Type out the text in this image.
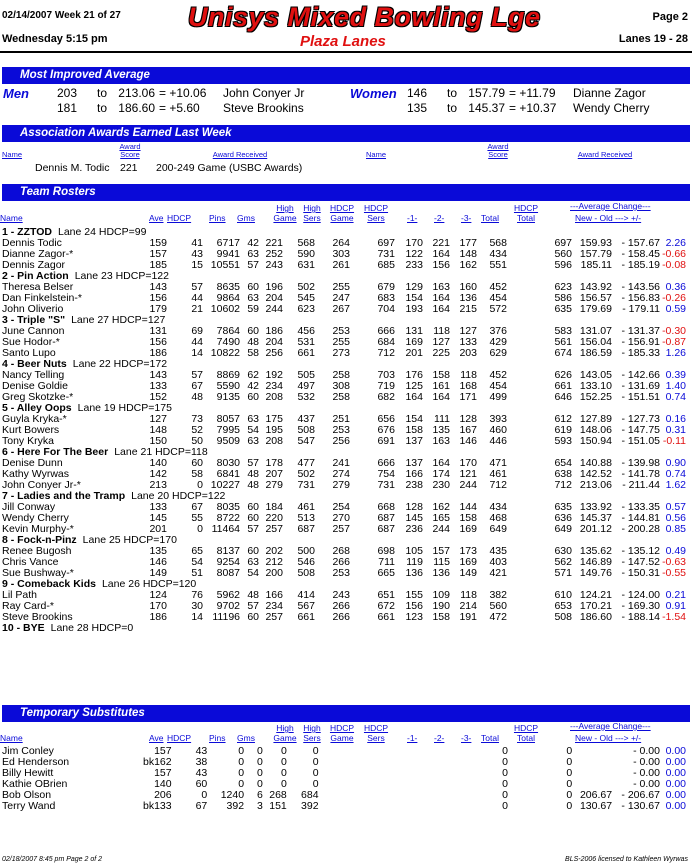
02/14/2007 Week 21 of 27
Wednesday 5:15 pm
Unisys Mixed Bowling Lge
Plaza Lanes
Page 2
Lanes 19 - 28
Most Improved Average
Men	Women
203 to 213.06 = +10.06 John Conyer Jr
181 to 186.60 = +5.60 Steve Brookins
146 to 157.79 = +11.79 Dianne Zagor
135 to 145.37 = +10.37 Wendy Cherry
Association Awards Earned Last Week
Name
Award Score	Award Received	Name
Award Score	Award Received
Dennis M. Todic 221 200-249 Game (USBC Awards)
Team Rosters
Name	Ave HDCP Pins Gms
High Game
High Sers
HDCP Game
HDCP Sers	-1- -2- -3- Total
HDCP Total
---Average Change---
New - Old ---> +/-
1 - ZZTOD Lane 24 HDCP=99																
Dennis Todic	159	41	6717	42	221	568	264	697	170	221	177	568	697	159.93	- 157.67	2.26
Dianne Zagor-*	157	43	9941	63	252	590	303	731	122	164	148	434	560	157.79	- 158.45	-0.66
Dennis Zagor	185	15	10551	57	243	631	261	685	233	156	162	551	596	185.11	- 185.19	-0.08
2 - Pin Action Lane 23 HDCP=122																
Theresa Belser	143	57	8635	60	196	502	255	679	129	163	160	452	623	143.92	- 143.56	0.36
Dan Finkelstein-*	156	44	9864	63	204	545	247	683	154	164	136	454	586	156.57	- 156.83	-0.26
John Oliverio	179	21	10602	59	244	623	267	704	193	164	215	572	635	179.69	- 179.11	0.59
3 - Triple "S" Lane 27 HDCP=127																
June Cannon	131	69	7864	60	186	456	253	666	131	118	127	376	583	131.07	- 131.37	-0.30
Sue Hodor-*	156	44	7490	48	204	531	255	684	169	127	133	429	561	156.04	- 156.91	-0.87
Santo Lupo	186	14	10822	58	256	661	273	712	201	225	203	629	674	186.59	- 185.33	1.26
4 - Beer Nuts Lane 22 HDCP=172																
Nancy Telling	143	57	8869	62	192	505	258	703	176	158	118	452	626	143.05	- 142.66	0.39
Denise Goldie	133	67	5590	42	234	497	308	719	125	161	168	454	661	133.10	- 131.69	1.40
Greg Skotzke-*	152	48	9135	60	208	532	258	682	164	164	171	499	646	152.25	- 151.51	0.74
5 - Alley Oops Lane 19 HDCP=175																
Guyla Kryka-*	127	73	8057	63	175	437	251	656	154	111	128	393	612	127.89	- 127.73	0.16
Kurt Bowers	148	52	7995	54	195	508	253	676	158	135	167	460	619	148.06	- 147.75	0.31
Tony Kryka	150	50	9509	63	208	547	256	691	137	163	146	446	593	150.94	- 151.05	-0.11
6 - Here For The Beer Lane 21 HDCP=118																
Denise Dunn	140	60	8030	57	178	477	241	666	137	164	170	471	654	140.88	- 139.98	0.90
Kathy Wyrwas	142	58	6841	48	207	502	274	754	166	174	121	461	638	142.52	- 141.78	0.74
John Conyer Jr-*	213	0	10227	48	279	731	279	731	238	230	244	712	712	213.06	- 211.44	1.62
7 - Ladies and the Tramp Lane 20 HDCP=122																
Jill Conway	133	67	8035	60	184	461	254	668	128	162	144	434	635	133.92	- 133.35	0.57
Wendy Cherry	145	55	8722	60	220	513	270	687	145	165	158	468	636	145.37	- 144.81	0.56
Kevin Murphy-*	201	0	11464	57	257	687	257	687	236	244	169	649	649	201.12	- 200.28	0.85
8 - Fock-n-Pinz Lane 25 HDCP=170																
Renee Bugosh	135	65	8137	60	202	500	268	698	105	157	173	435	630	135.62	- 135.12	0.49
Chris Vance	146	54	9254	63	212	546	266	711	119	115	169	403	562	146.89	- 147.52	-0.63
Sue Bushway-*	149	51	8087	54	200	508	253	665	136	136	149	421	571	149.76	- 150.31	-0.55
9 - Comeback Kids Lane 26 HDCP=120																
Lil Path	124	76	5962	48	166	414	243	651	155	109	118	382	610	124.21	- 124.00	0.21
Ray Card-*	170	30	9702	57	234	567	266	672	156	190	214	560	653	170.21	- 169.30	0.91
Steve Brookins	186	14	11196	60	257	661	266	661	123	158	191	472	508	186.60	- 188.14	-1.54
10 - BYE Lane 28 HDCP=0																
Temporary Substitutes
Name	Ave HDCP Pins Gms
High Game
High Sers
HDCP Game
HDCP Sers	-1- -2- -3- Total
HDCP Total
---Average Change---
New - Old ---> +/-
Jim Conley	157	43	0	0	0	0						0	0		- 0.00	0.00
Ed Henderson	bk162	38	0	0	0	0						0	0		- 0.00	0.00
Billy Hewitt	157	43	0	0	0	0						0	0		- 0.00	0.00
Kathie OBrien	140	60	0	0	0	0						0	0		- 0.00	0.00
Bob Olson	206	0	1240	6	268	684						0	0	206.67	- 206.67	0.00
Terry Wand	bk133	67	392	3	151	392						0	0	130.67	- 130.67	0.00
02/18/2007 8:45 pm Page 2 of 2	BLS-2006 licensed to Kathleen Wyrwas
